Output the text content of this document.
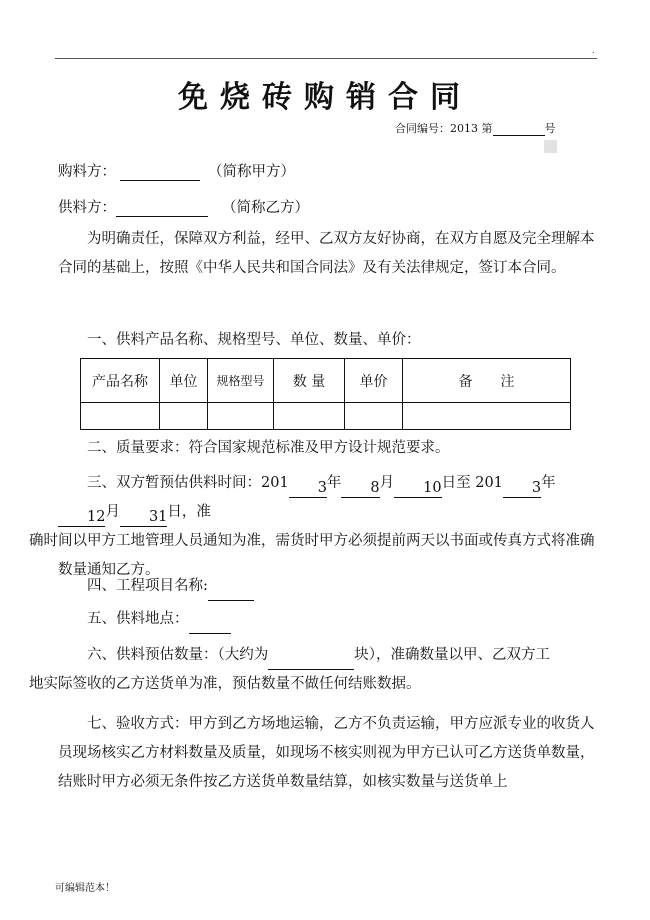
.
免烧砖购销合同
合同编号：2013 第	号
购料方：	（简称甲方）
供料方：	（简称乙方）
为明确责任，保障双方利益，经甲、乙双方友好协商，在双方自愿及完全理解本合同的基础上，按照《中华人民共和国合同法》及有关法律规定，签订本合同。
一、供料产品名称、规格型号、单位、数量、单价：
产品名称	单位	规格型号	数 量	单价	备　　注

二、质量要求：符合国家规范标准及甲方设计规范要求。
三、双方暂预估供料时间：201 3年 8月 10日至 201 3年12月 31日，准
确时间以甲方工地管理人员通知为准，需货时甲方必须提前两天以书面或传真方式将准确数量通知乙方。
四、工程项目名称:
五、供料地点：
六、供料预估数量：（大约为	块），准确数量以甲、乙双方工
地实际签收的乙方送货单为准，预估数量不做任何结账数据。
七、验收方式：甲方到乙方场地运输，乙方不负责运输，甲方应派专业的收货人员现场核实乙方材料数量及质量，如现场不核实则视为甲方已认可乙方送货单数量，结账时甲方必须无条件按乙方送货单数量结算，如核实数量与送货单上
可编辑范本！
